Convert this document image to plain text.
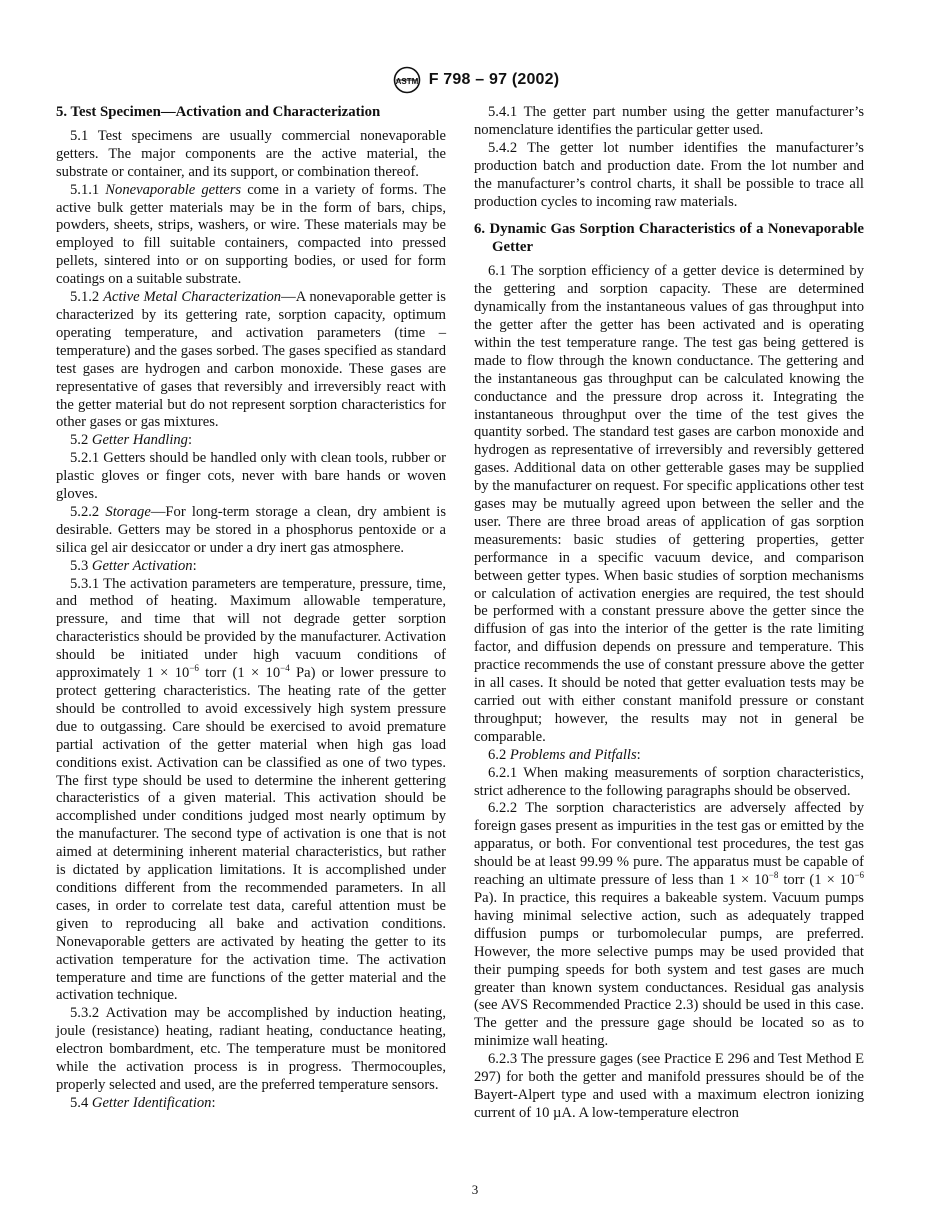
ASTM F 798 – 97 (2002)
5. Test Specimen—Activation and Characterization

5.1 Test specimens are usually commercial nonevaporable getters. The major components are the active material, the substrate or container, and its support, or combination thereof.

5.1.1 Nonevaporable getters come in a variety of forms. The active bulk getter materials may be in the form of bars, chips, powders, sheets, strips, washers, or wire. These materials may be employed to fill suitable containers, compacted into pressed pellets, sintered into or on supporting bodies, or used for form coatings on a suitable substrate.

5.1.2 Active Metal Characterization—A nonevaporable getter is characterized by its gettering rate, sorption capacity, optimum operating temperature, and activation parameters (time – temperature) and the gases sorbed. The gases specified as standard test gases are hydrogen and carbon monoxide. These gases are representative of gases that reversibly and irreversibly react with the getter material but do not represent sorption characteristics for other gases or gas mixtures.

5.2 Getter Handling:

5.2.1 Getters should be handled only with clean tools, rubber or plastic gloves or finger cots, never with bare hands or woven gloves.

5.2.2 Storage—For long-term storage a clean, dry ambient is desirable. Getters may be stored in a phosphorus pentoxide or a silica gel air desiccator or under a dry inert gas atmosphere.

5.3 Getter Activation:

5.3.1 The activation parameters are temperature, pressure, time, and method of heating. Maximum allowable temperature, pressure, and time that will not degrade getter sorption characteristics should be provided by the manufacturer. Activation should be initiated under high vacuum conditions of approximately $1 \times 10^{-6}$ torr ($1 \times 10^{-4}$ Pa) or lower pressure to protect gettering characteristics. The heating rate of the getter should be controlled to avoid excessively high system pressure due to outgassing. Care should be exercised to avoid premature partial activation of the getter material when high gas load conditions exist. Activation can be classified as one of two types. The first type should be used to determine the inherent gettering characteristics of a given material. This activation should be accomplished under conditions judged most nearly optimum by the manufacturer. The second type of activation is one that is not aimed at determining inherent material characteristics, but rather is dictated by application limitations. It is accomplished under conditions different from the recommended parameters. In all cases, in order to correlate test data, careful attention must be given to reproducing all bake and activation conditions. Nonevaporable getters are activated by heating the getter to its activation temperature for the activation time. The activation temperature and time are functions of the getter material and the activation technique.

5.3.2 Activation may be accomplished by induction heating, joule (resistance) heating, radiant heating, conductance heating, electron bombardment, etc. The temperature must be monitored while the activation process is in progress. Thermocouples, properly selected and used, are the preferred temperature sensors.

5.4 Getter Identification:

5.4.1 The getter part number using the getter manufacturer’s nomenclature identifies the particular getter used.

5.4.2 The getter lot number identifies the manufacturer’s production batch and production date. From the lot number and the manufacturer’s control charts, it shall be possible to trace all production cycles to incoming raw materials.

6. Dynamic Gas Sorption Characteristics of a Nonevaporable Getter

6.1 The sorption efficiency of a getter device is determined by the gettering and sorption capacity. These are determined dynamically from the instantaneous values of gas throughput into the getter after the getter has been activated and is operating within the test temperature range. The test gas being gettered is made to flow through the known conductance. The gettering and the instantaneous gas throughput can be calculated knowing the conductance and the pressure drop across it. Integrating the instantaneous throughput over the time of the test gives the quantity sorbed. The standard test gases are carbon monoxide and hydrogen as representative of irreversibly and reversibly gettered gases. Additional data on other getterable gases may be supplied by the manufacturer on request. For specific applications other test gases may be mutually agreed upon between the seller and the user. There are three broad areas of application of gas sorption measurements: basic studies of gettering properties, getter performance in a specific vacuum device, and comparison between getter types. When basic studies of sorption mechanisms or calculation of activation energies are required, the test should be performed with a constant pressure above the getter since the diffusion of gas into the interior of the getter is the rate limiting factor, and diffusion depends on pressure and temperature. This practice recommends the use of constant pressure above the getter in all cases. It should be noted that getter evaluation tests may be carried out with either constant manifold pressure or constant throughput; however, the results may not in general be comparable.

6.2 Problems and Pitfalls:

6.2.1 When making measurements of sorption characteristics, strict adherence to the following paragraphs should be observed.

6.2.2 The sorption characteristics are adversely affected by foreign gases present as impurities in the test gas or emitted by the apparatus, or both. For conventional test procedures, the test gas should be at least 99.99 % pure. The apparatus must be capable of reaching an ultimate pressure of less than $1 \times 10^{-8}$ torr ($1 \times 10^{-6}$ Pa). In practice, this requires a bakeable system. Vacuum pumps having minimal selective action, such as adequately trapped diffusion pumps or turbomolecular pumps, are preferred. However, the more selective pumps may be used provided that their pumping speeds for both system and test gases are much greater than known system conductances. Residual gas analysis (see AVS Recommended Practice 2.3) should be used in this case. The getter and the pressure gage should be located so as to minimize wall heating.

6.2.3 The pressure gages (see Practice E 296 and Test Method E 297) for both the getter and manifold pressures should be of the Bayert-Alpert type and used with a maximum electron ionizing current of 10 µA. A low-temperature electron

3
